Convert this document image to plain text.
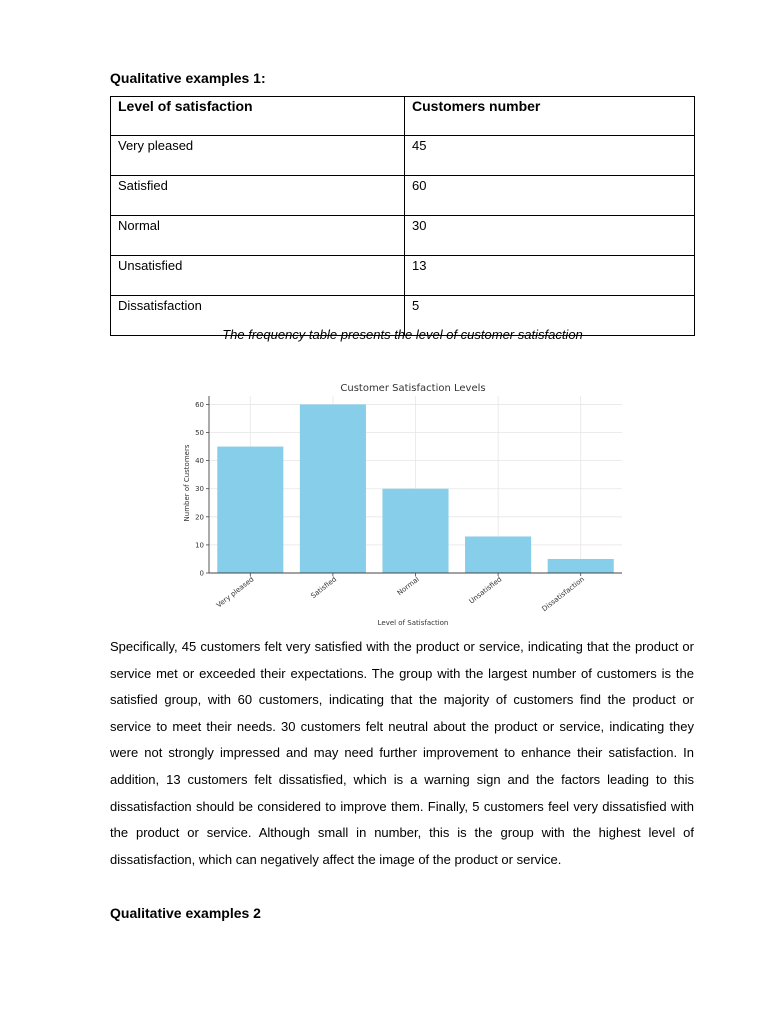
Qualitative examples 1:

Level of satisfaction	Customers number
Very pleased	45
Satisfied	60
Normal	30
Unsatisfied	13
Dissatisfaction	5
The frequency table presents the level of customer satisfaction
Customer Satisfaction Levels
Number of Customers
Level of Satisfaction
0
10
20
30
40
50
60
Very pleased	Satisfied	Normal	Unsatisfied	Dissatisfaction

Specifically, 45 customers felt very satisfied with the product or service, indicating that the product or service met or exceeded their expectations. The group with the largest number of customers is the satisfied group, with 60 customers, indicating that the majority of customers find the product or service to meet their needs. 30 customers felt neutral about the product or service, indicating they were not strongly impressed and may need further improvement to enhance their satisfaction. In addition, 13 customers felt dissatisfied, which is a warning sign and the factors leading to this dissatisfaction should be considered to improve them. Finally, 5 customers feel very dissatisfied with the product or service. Although small in number, this is the group with the highest level of dissatisfaction, which can negatively affect the image of the product or service.

Qualitative examples 2
